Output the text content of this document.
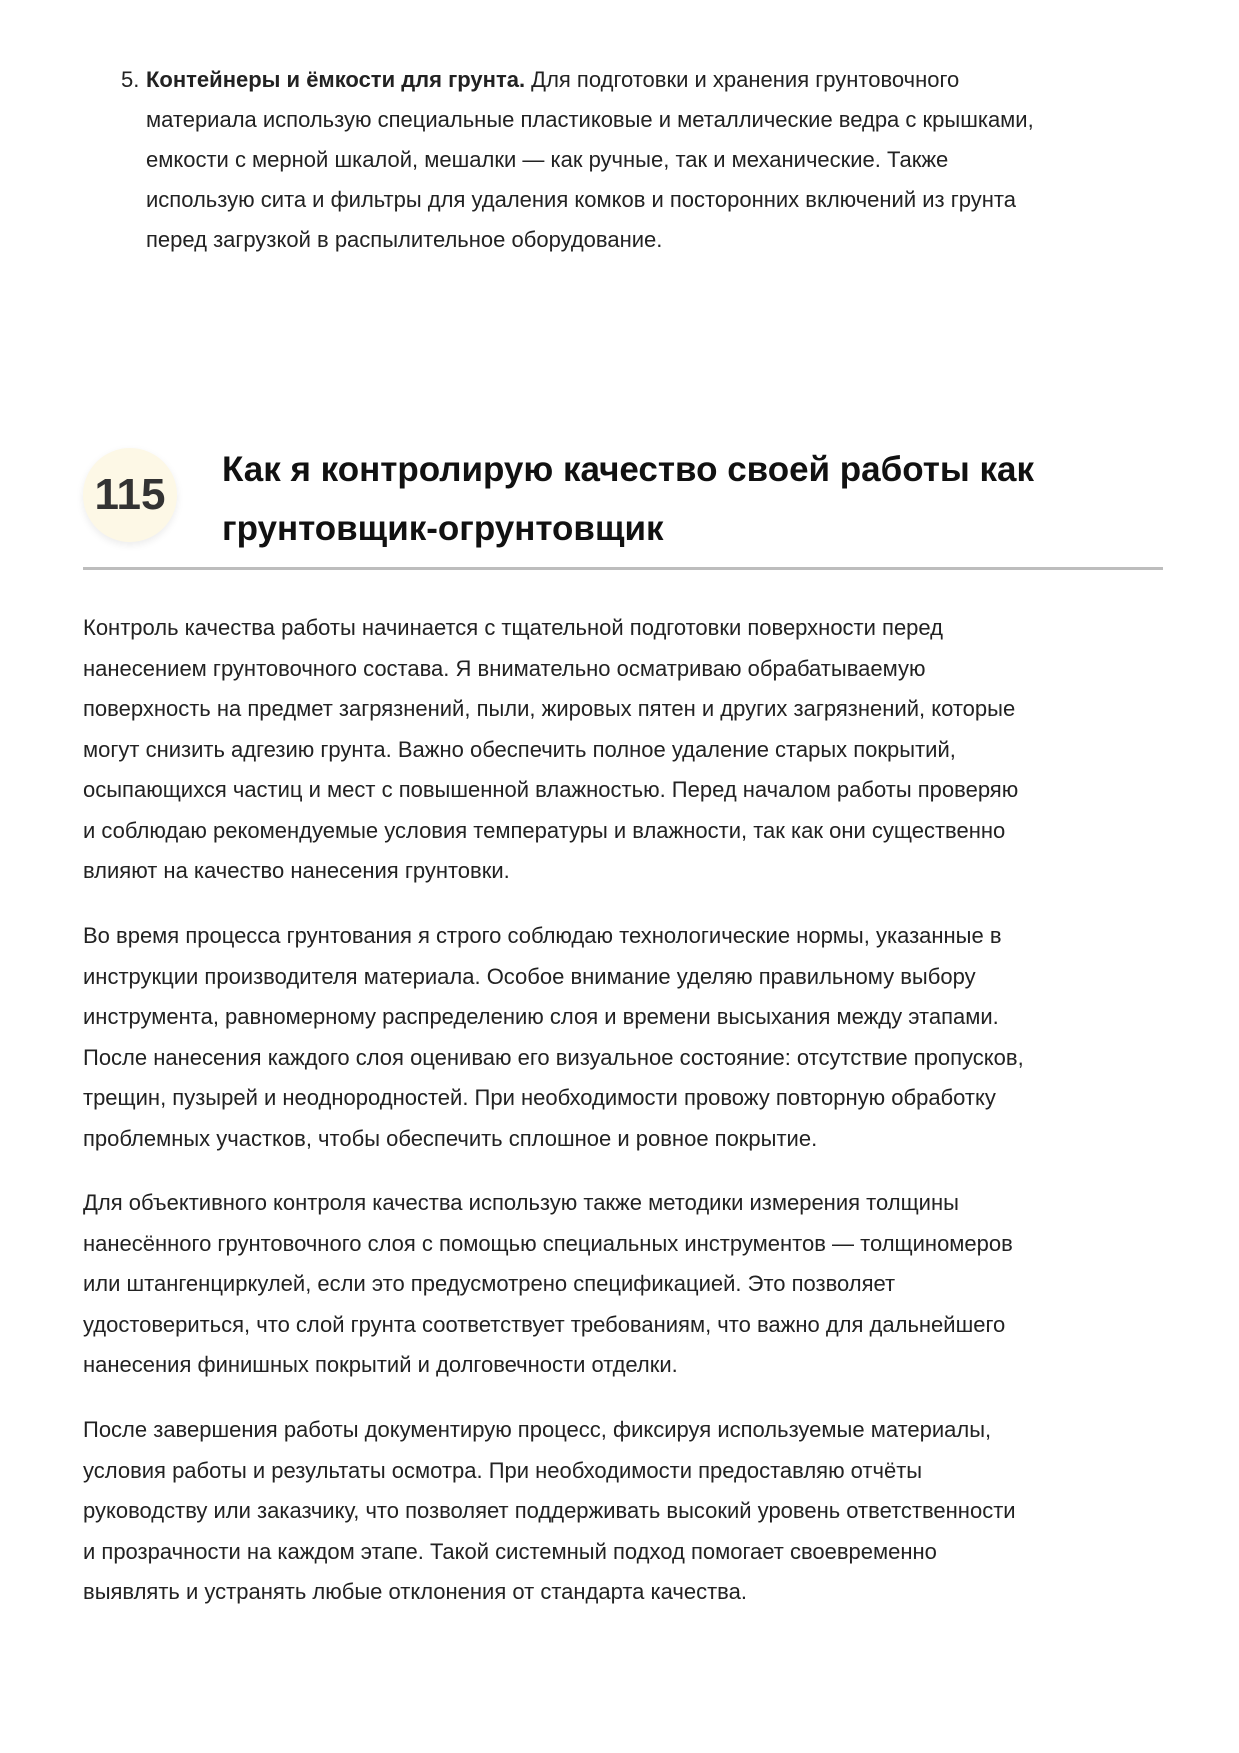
5. Контейнеры и ёмкости для грунта. Для подготовки и хранения грунтовочного
материала использую специальные пластиковые и металлические ведра с крышками,
емкости с мерной шкалой, мешалки — как ручные, так и механические. Также
использую сита и фильтры для удаления комков и посторонних включений из грунта
перед загрузкой в распылительное оборудование.
115
Как я контролирую качество своей работы как
грунтовщик-огрунтовщик
Контроль качества работы начинается с тщательной подготовки поверхности перед
нанесением грунтовочного состава. Я внимательно осматриваю обрабатываемую
поверхность на предмет загрязнений, пыли, жировых пятен и других загрязнений, которые
могут снизить адгезию грунта. Важно обеспечить полное удаление старых покрытий,
осыпающихся частиц и мест с повышенной влажностью. Перед началом работы проверяю
и соблюдаю рекомендуемые условия температуры и влажности, так как они существенно
влияют на качество нанесения грунтовки.
Во время процесса грунтования я строго соблюдаю технологические нормы, указанные в
инструкции производителя материала. Особое внимание уделяю правильному выбору
инструмента, равномерному распределению слоя и времени высыхания между этапами.
После нанесения каждого слоя оцениваю его визуальное состояние: отсутствие пропусков,
трещин, пузырей и неоднородностей. При необходимости провожу повторную обработку
проблемных участков, чтобы обеспечить сплошное и ровное покрытие.
Для объективного контроля качества использую также методики измерения толщины
нанесённого грунтовочного слоя с помощью специальных инструментов — толщиномеров
или штангенциркулей, если это предусмотрено спецификацией. Это позволяет
удостовериться, что слой грунта соответствует требованиям, что важно для дальнейшего
нанесения финишных покрытий и долговечности отделки.
После завершения работы документирую процесс, фиксируя используемые материалы,
условия работы и результаты осмотра. При необходимости предоставляю отчёты
руководству или заказчику, что позволяет поддерживать высокий уровень ответственности
и прозрачности на каждом этапе. Такой системный подход помогает своевременно
выявлять и устранять любые отклонения от стандарта качества.
